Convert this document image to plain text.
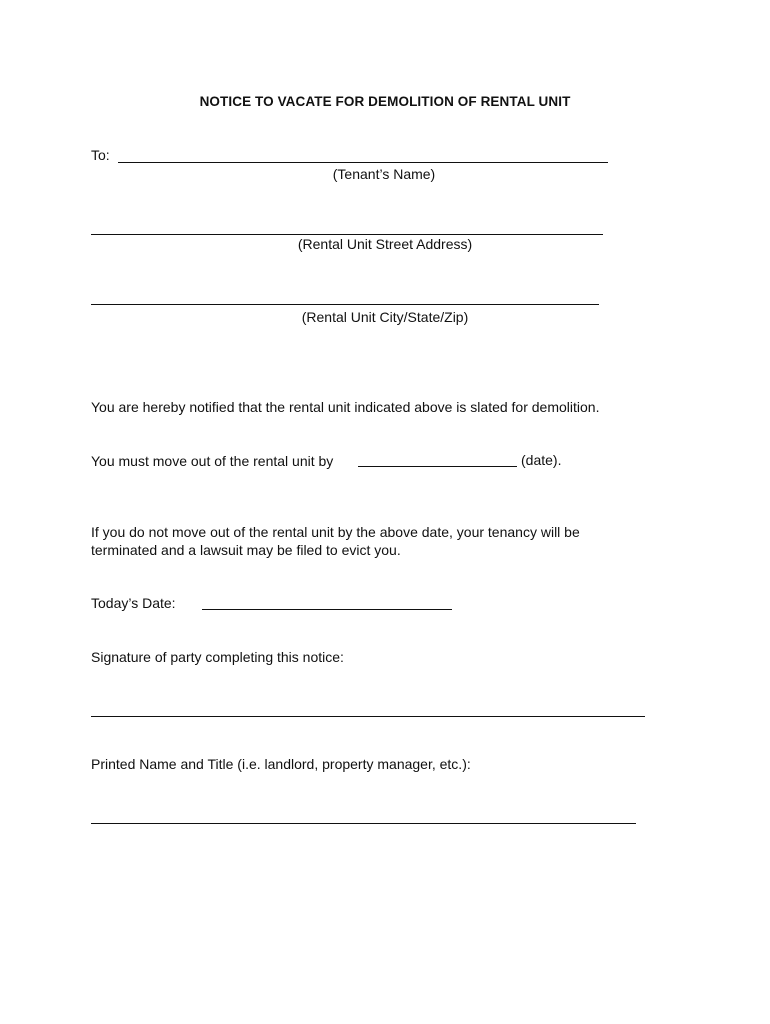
NOTICE TO VACATE FOR DEMOLITION OF RENTAL UNIT
To:
(Tenant’s Name)
(Rental Unit Street Address)
(Rental Unit City/State/Zip)
You are hereby notified that the rental unit indicated above is slated for demolition.
You must move out of the rental unit by	(date).
If you do not move out of the rental unit by the above date, your tenancy will be
terminated and a lawsuit may be filed to evict you.
Today’s Date:
Signature of party completing this notice:
Printed Name and Title (i.e. landlord, property manager, etc.):
